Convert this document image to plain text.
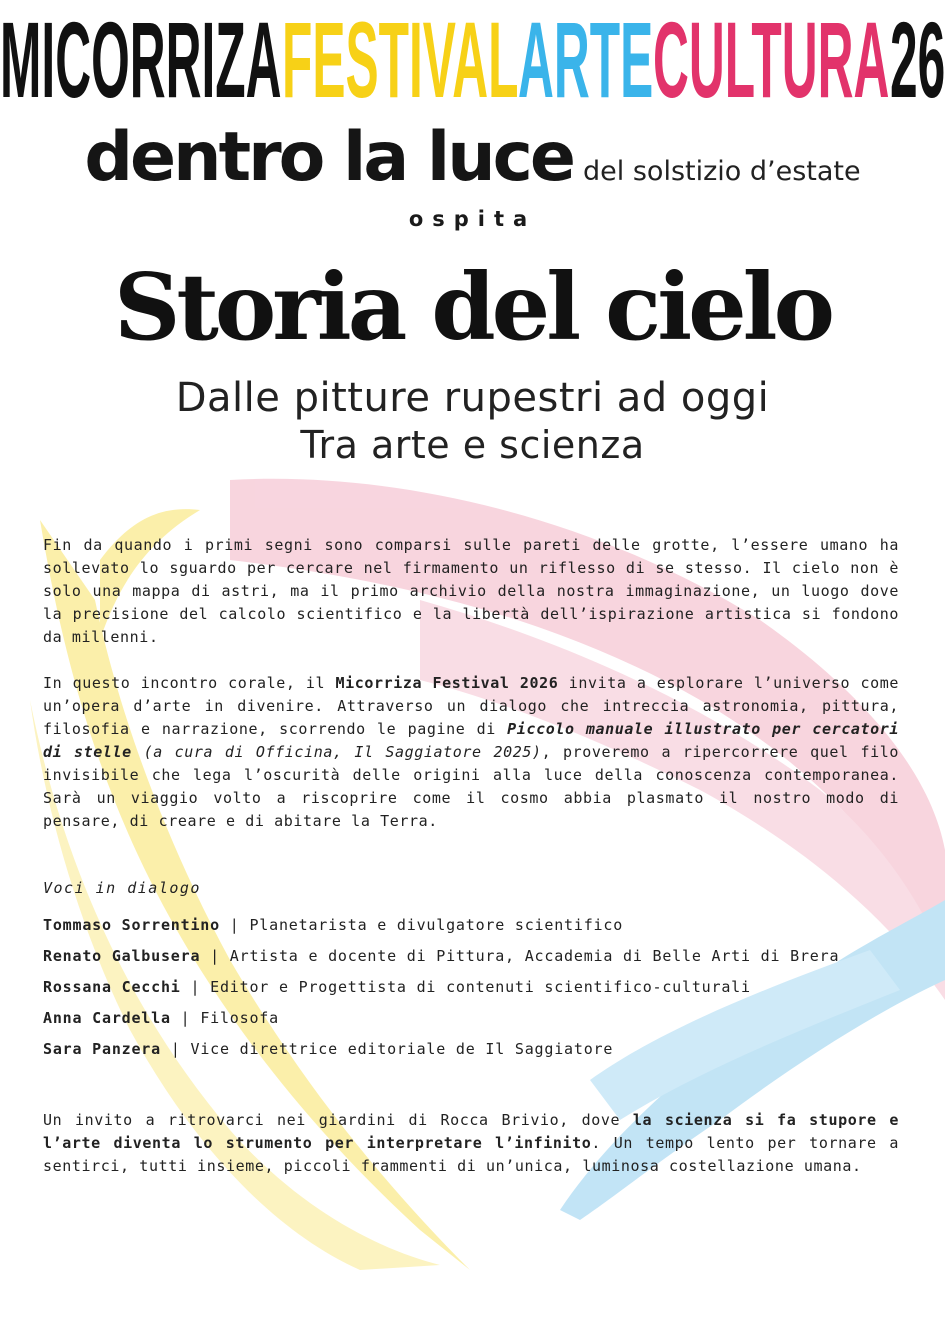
MICORRIZA FESTIVAL ARTE CULTURA 26
dentro la luce del solstizio d’estate
ospita
Storia del cielo
Dalle pitture rupestri ad oggi
Tra arte e scienza
Fin da quando i primi segni sono comparsi sulle pareti delle grotte, l’essere umano ha sollevato lo sguardo per cercare nel firmamento un riflesso di se stesso. Il cielo non è solo una mappa di astri, ma il primo archivio della nostra immaginazione, un luogo dove la precisione del calcolo scientifico e la libertà dell’ispirazione artistica si fondono da millenni.
In questo incontro corale, il Micorriza Festival 2026 invita a esplorare l’universo come un’opera d’arte in divenire. Attraverso un dialogo che intreccia astronomia, pittura, filosofia e narrazione, scorrendo le pagine di Piccolo manuale illustrato per cercatori di stelle (a cura di Officina, Il Saggiatore 2025), proveremo a ripercorrere quel filo invisibile che lega l’oscurità delle origini alla luce della conoscenza contemporanea. Sarà un viaggio volto a riscoprire come il cosmo abbia plasmato il nostro modo di pensare, di creare e di abitare la Terra.
Voci in dialogo
Tommaso Sorrentino | Planetarista e divulgatore scientifico
Renato Galbusera | Artista e docente di Pittura, Accademia di Belle Arti di Brera
Rossana Cecchi | Editor e Progettista di contenuti scientifico-culturali
Anna Cardella | Filosofa
Sara Panzera | Vice direttrice editoriale de Il Saggiatore
Un invito a ritrovarci nei giardini di Rocca Brivio, dove la scienza si fa stupore e l’arte diventa lo strumento per interpretare l’infinito. Un tempo lento per tornare a sentirci, tutti insieme, piccoli frammenti di un’unica, luminosa costellazione umana.
